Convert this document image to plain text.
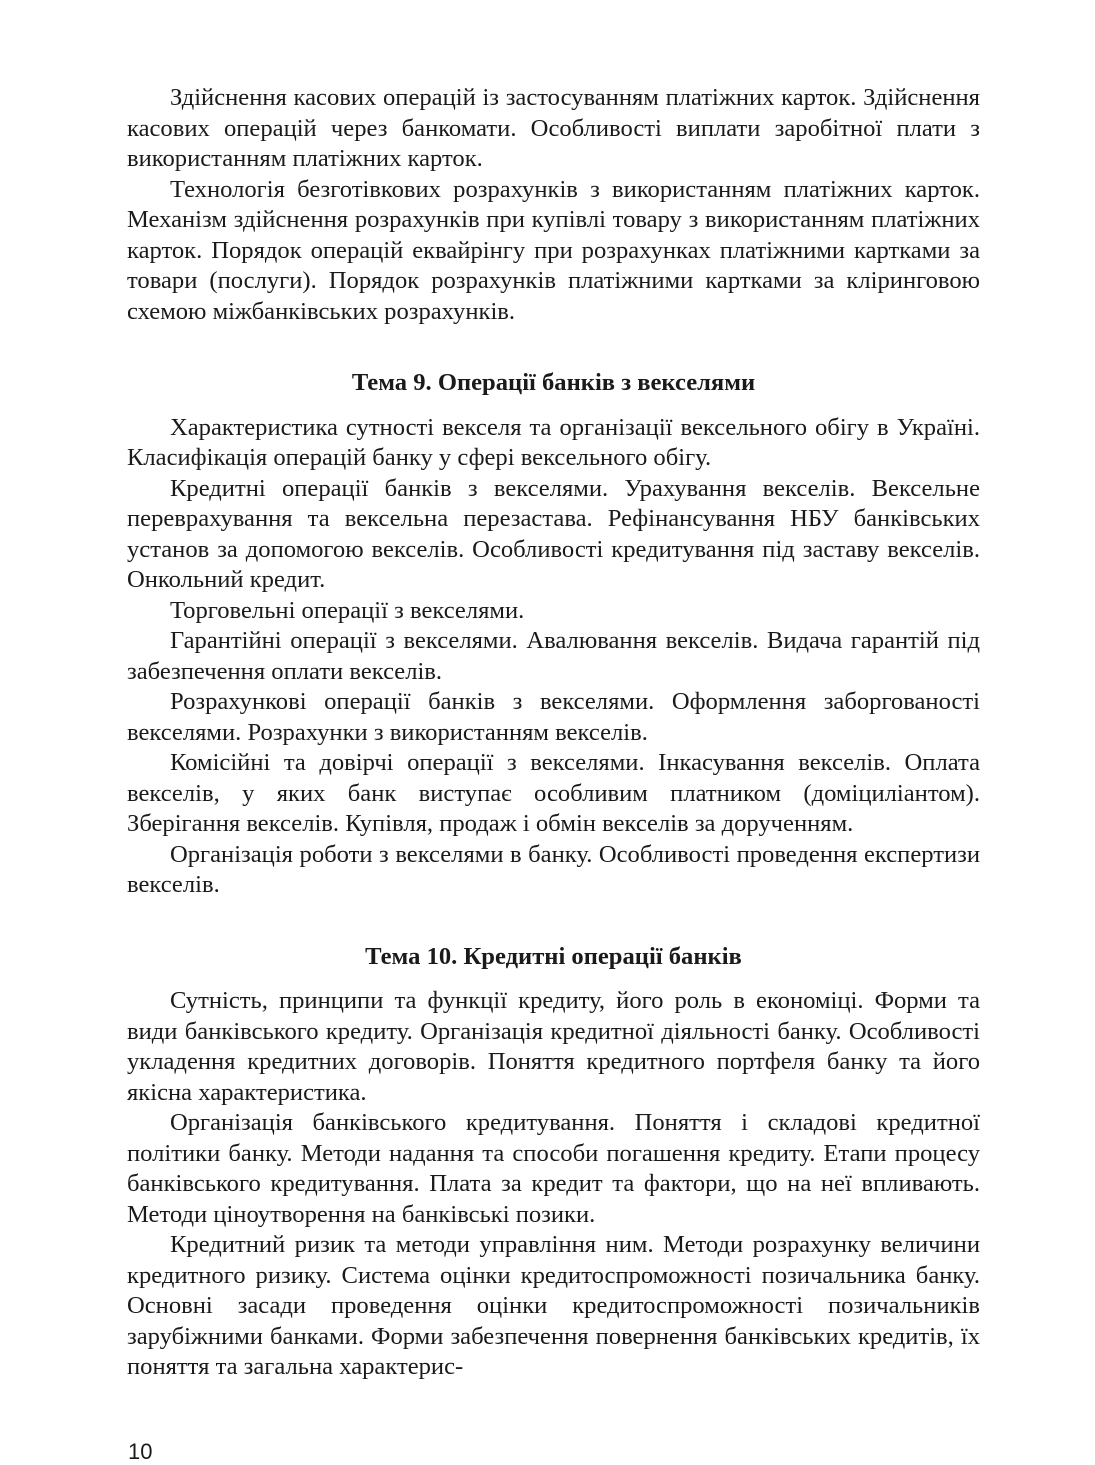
Здійснення касових операцій із застосуванням платіжних карток. Здійснення касових операцій через банкомати. Особливості виплати заробітної плати з використанням платіжних карток.

Технологія безготівкових розрахунків з використанням платіжних карток. Механізм здійснення розрахунків при купівлі товару з використанням платіжних карток. Порядок операцій еквайрінгу при розрахунках платіжними картками за товари (послуги). Порядок розрахунків платіжними картками за кліринговою схемою міжбанківських розрахунків.

Тема 9. Операції банків з векселями

Характеристика сутності векселя та організації вексельного обігу в Україні. Класифікація операцій банку у сфері вексельного обігу.

Кредитні операції банків з векселями. Урахування векселів. Вексельне переврахування та вексельна перезастава. Рефінансування НБУ банківських установ за допомогою векселів. Особливості кредитування під заставу векселів. Онкольний кредит.

Торговельні операції з векселями.

Гарантійні операції з векселями. Авалювання векселів. Видача гарантій під забезпечення оплати векселів.

Розрахункові операції банків з векселями. Оформлення заборгованості векселями. Розрахунки з використанням векселів.

Комісійні та довірчі операції з векселями. Інкасування векселів. Оплата векселів, у яких банк виступає особливим платником (доміциліантом). Зберігання векселів. Купівля, продаж і обмін векселів за дорученням.

Організація роботи з векселями в банку. Особливості проведення експертизи векселів.

Тема 10. Кредитні операції банків

Сутність, принципи та функції кредиту, його роль в економіці. Форми та види банківського кредиту. Організація кредитної діяльності банку. Особливості укладення кредитних договорів. Поняття кредитного портфеля банку та його якісна характеристика.

Організація банківського кредитування. Поняття і складові кредитної політики банку. Методи надання та способи погашення кредиту. Етапи процесу банківського кредитування. Плата за кредит та фактори, що на неї впливають. Методи ціноутворення на банківські позики.

Кредитний ризик та методи управління ним. Методи розрахунку величини кредитного ризику. Система оцінки кредитоспроможності позичальника банку. Основні засади проведення оцінки кредитоспроможності позичальників зарубіжними банками. Форми забезпечення повернення банківських кредитів, їх поняття та загальна характерис-

10
